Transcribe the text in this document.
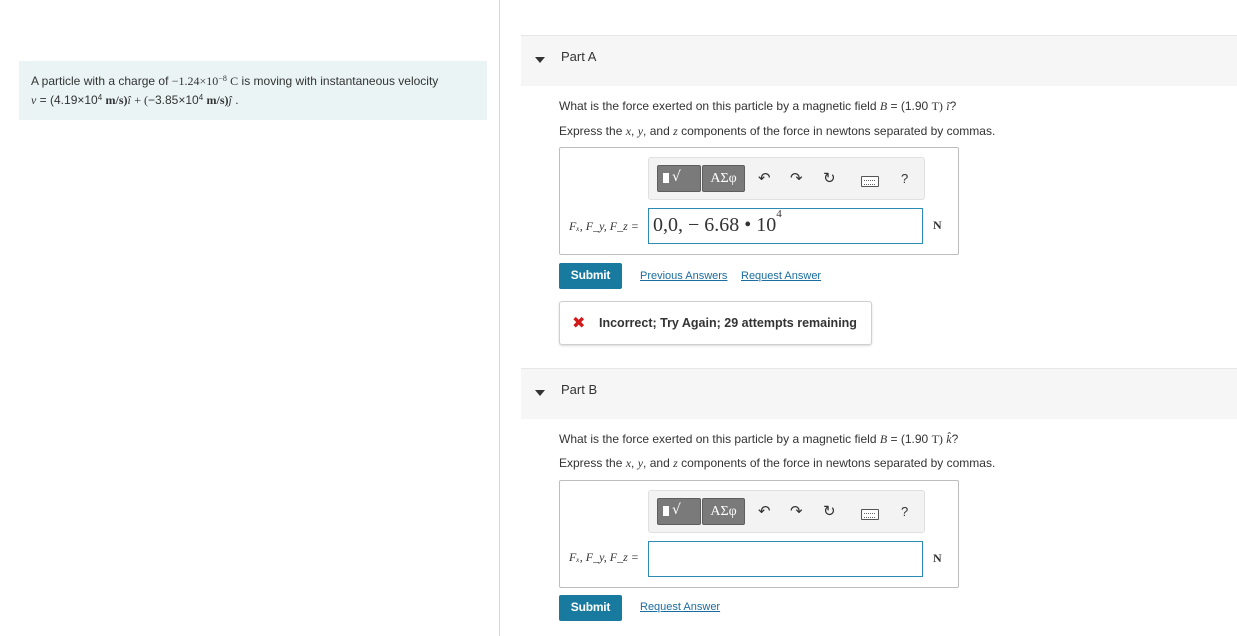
A particle with a charge of $-1.24\times 10^{-8}$ C is moving with instantaneous velocity
$v = (4.19\times 10^4$ m/s)î + ($-3.85\times 10^4$ m/s)ĵ .
Part A
What is the force exerted on this particle by a magnetic field B = (1.90 T) î?
Express the x, y, and z components of the force in newtons separated by commas.
√	ΑΣφ	↶ ↷ ↻	?
Fₓ, F_y, F_z = 0,0, − 6.68 • $10^4$
N
Submit	Previous Answers Request Answer
✖ Incorrect; Try Again; 29 attempts remaining
Part B
What is the force exerted on this particle by a magnetic field B = (1.90 T) k̂?
Express the x, y, and z components of the force in newtons separated by commas.
√	ΑΣφ	↶ ↷ ↻	?
Fₓ, F_y, F_z =	N
Submit	Request Answer
